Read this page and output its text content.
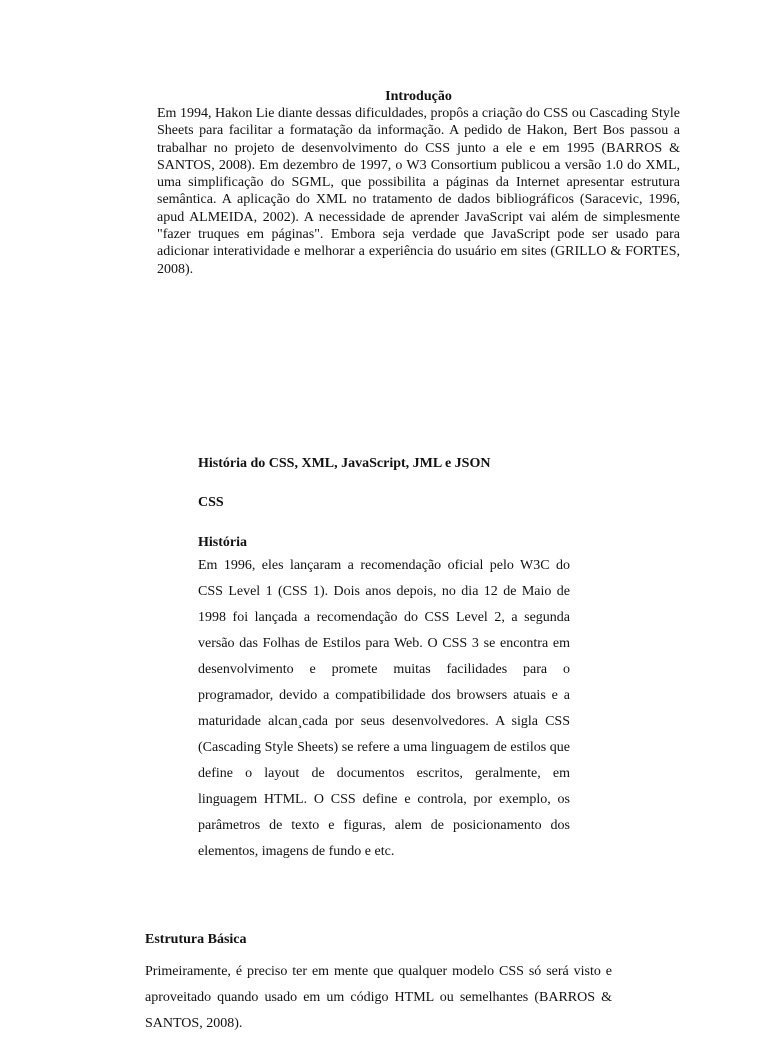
Introdução

Em 1994, Hakon Lie diante dessas dificuldades, propôs a criação do CSS ou Cascading Style Sheets para facilitar a formatação da informação. A pedido de Hakon, Bert Bos passou a trabalhar no projeto de desenvolvimento do CSS junto a ele e em 1995 (BARROS & SANTOS, 2008). Em dezembro de 1997, o W3 Consortium publicou a versão 1.0 do XML, uma simplificação do SGML, que possibilita a páginas da Internet apresentar estrutura semântica. A aplicação do XML no tratamento de dados bibliográficos (Saracevic, 1996, apud ALMEIDA, 2002). A necessidade de aprender JavaScript vai além de simplesmente "fazer truques em páginas". Embora seja verdade que JavaScript pode ser usado para adicionar interatividade e melhorar a experiência do usuário em sites (GRILLO & FORTES, 2008).

História do CSS, XML, JavaScript, JML e JSON
CSS
História

Em 1996, eles lançaram a recomendação oficial pelo W3C do CSS Level 1 (CSS 1). Dois anos depois, no dia 12 de Maio de 1998 foi lançada a recomendação do CSS Level 2, a segunda versão das Folhas de Estilos para Web. O CSS 3 se encontra em desenvolvimento e promete muitas facilidades para o programador, devido a compatibilidade dos browsers atuais e a maturidade alcan¸cada por seus desenvolvedores. A sigla CSS (Cascading Style Sheets) se refere a uma linguagem de estilos que define o layout de documentos escritos, geralmente, em linguagem HTML. O CSS define e controla, por exemplo, os parâmetros de texto e figuras, alem de posicionamento dos elementos, imagens de fundo e etc.

Estrutura Básica

Primeiramente, é preciso ter em mente que qualquer modelo CSS só será visto e aproveitado quando usado em um código HTML ou semelhantes (BARROS & SANTOS, 2008).
